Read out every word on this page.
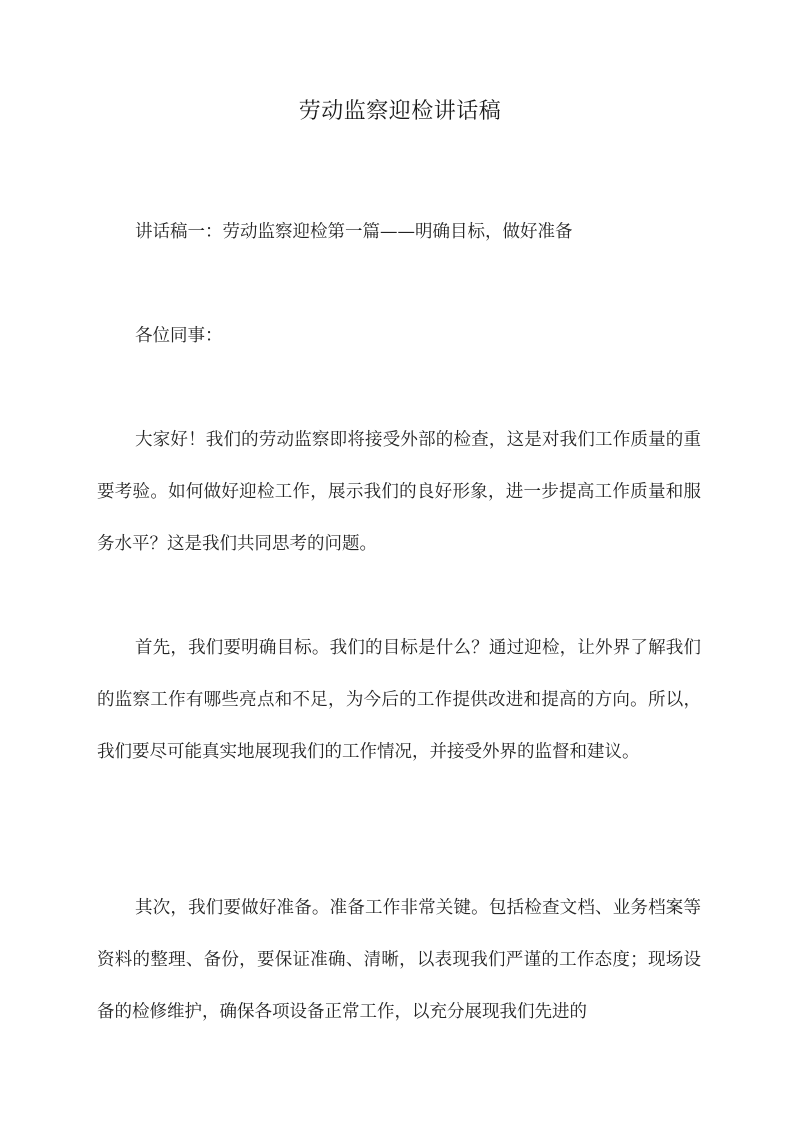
劳动监察迎检讲话稿
讲话稿一：劳动监察迎检第一篇——明确目标，做好准备
各位同事：
大家好！我们的劳动监察即将接受外部的检查，这是对我们工作质量的重要考验。如何做好迎检工作，展示我们的良好形象，进一步提高工作质量和服务水平？这是我们共同思考的问题。
首先，我们要明确目标。我们的目标是什么？通过迎检，让外界了解我们的监察工作有哪些亮点和不足，为今后的工作提供改进和提高的方向。所以，我们要尽可能真实地展现我们的工作情况，并接受外界的监督和建议。
其次，我们要做好准备。准备工作非常关键。包括检查文档、业务档案等资料的整理、备份，要保证准确、清晰，以表现我们严谨的工作态度；现场设备的检修维护，确保各项设备正常工作，以充分展现我们先进的
